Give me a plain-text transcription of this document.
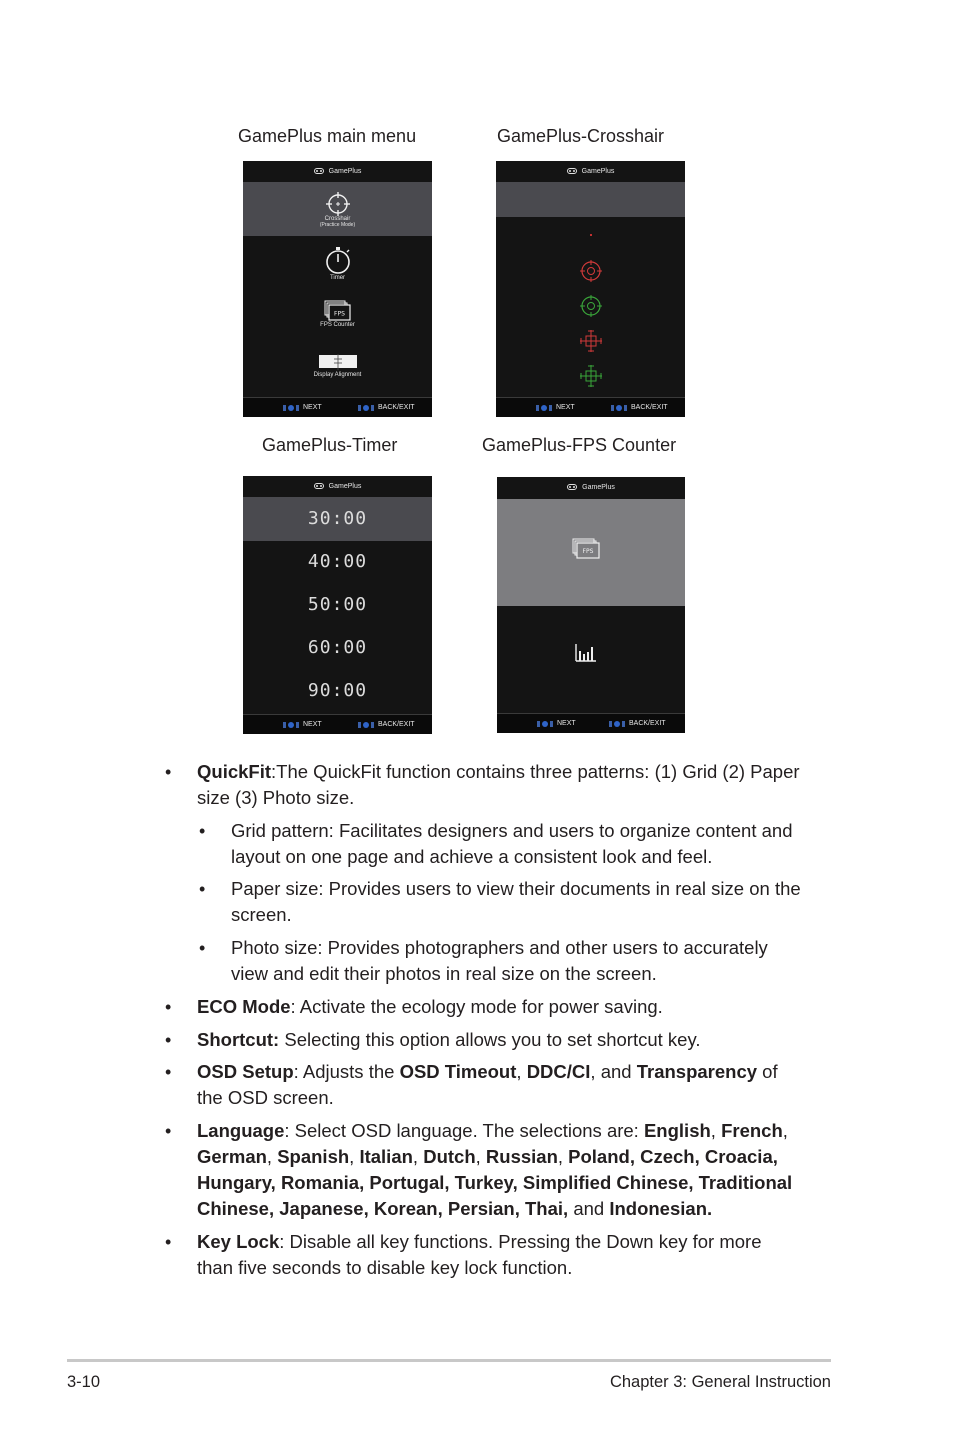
GamePlus main menu	GamePlus-Crosshair
GamePlus-Timer	GamePlus-FPS Counter
GamePlus
Crosshair
(Practice Mode)
Timer
FPS
FPS Counter
Display Alignment
NEXT	BACK/EXIT
GamePlus
NEXT	BACK/EXIT
GamePlus
30:00
40:00
50:00
60:00
90:00
NEXT	BACK/EXIT
GamePlus
FPS
NEXT	BACK/EXIT
• QuickFit:The QuickFit function contains three patterns: (1) Grid (2) Paper
size (3) Photo size.
• Grid pattern: Facilitates designers and users to organize content and
layout on one page and achieve a consistent look and feel.
• Paper size: Provides users to view their documents in real size on the
screen.
• Photo size: Provides photographers and other users to accurately
view and edit their photos in real size on the screen.
• ECO Mode: Activate the ecology mode for power saving.
• Shortcut: Selecting this option allows you to set shortcut key.
• OSD Setup: Adjusts the OSD Timeout, DDC/CI, and Transparency of
the OSD screen.
• Language: Select OSD language. The selections are: English, French,
German, Spanish, Italian, Dutch, Russian, Poland, Czech, Croacia,
Hungary, Romania, Portugal, Turkey, Simplified Chinese, Traditional
Chinese, Japanese, Korean, Persian, Thai, and Indonesian.
• Key Lock: Disable all key functions. Pressing the Down key for more
than five seconds to disable key lock function.
3-10	Chapter 3: General Instruction
